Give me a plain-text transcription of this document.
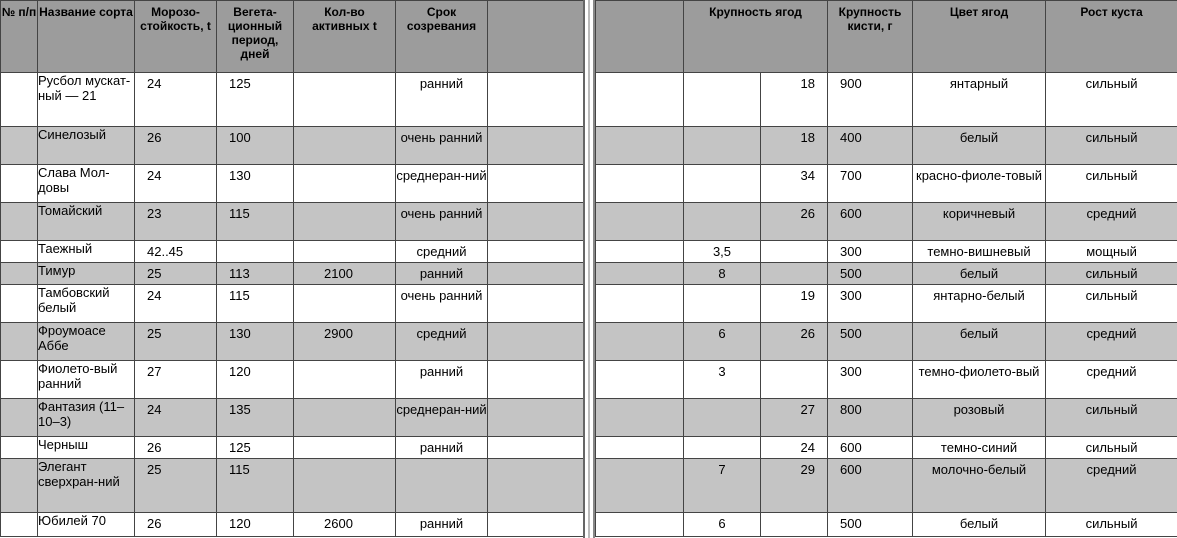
№ п/п	Название сорта	Морозо-стойкость, t	Вегета-ционный период, дней	Кол-во активных t	Срок созревания	
	Русбол мускат-ный — 21	24	125		ранний	
	Синелозый	26	100		очень ранний	
	Слава Мол-довы	24	130		среднеран-ний	
	Томайский	23	115		очень ранний	
	Таежный	42..45			средний	
	Тимур	25	113	2100	ранний	
	Тамбовский белый	24	115		очень ранний	
	Фроумоасе Аббе	25	130	2900	средний	
	Фиолето-вый ранний	27	120		ранний	
	Фантазия (11–10–3)	24	135		среднеран-ний	
	Черныш	26	125		ранний	
	Элегант сверхран-ний	25	115			
	Юбилей 70	26	120	2600	ранний	
	Крупность ягод		Крупность кисти, г	Цвет ягод	Рост куста
		18	900	янтарный	сильный
		18	400	белый	сильный
		34	700	красно-фиоле-товый	сильный
		26	600	коричневый	средний
	3,5		300	темно-вишневый	мощный
	8		500	белый	сильный
		19	300	янтарно-белый	сильный
	6	26	500	белый	средний
	3		300	темно-фиолето-вый	средний
		27	800	розовый	сильный
		24	600	темно-синий	сильный
	7	29	600	молочно-белый	средний
	6		500	белый	сильный
